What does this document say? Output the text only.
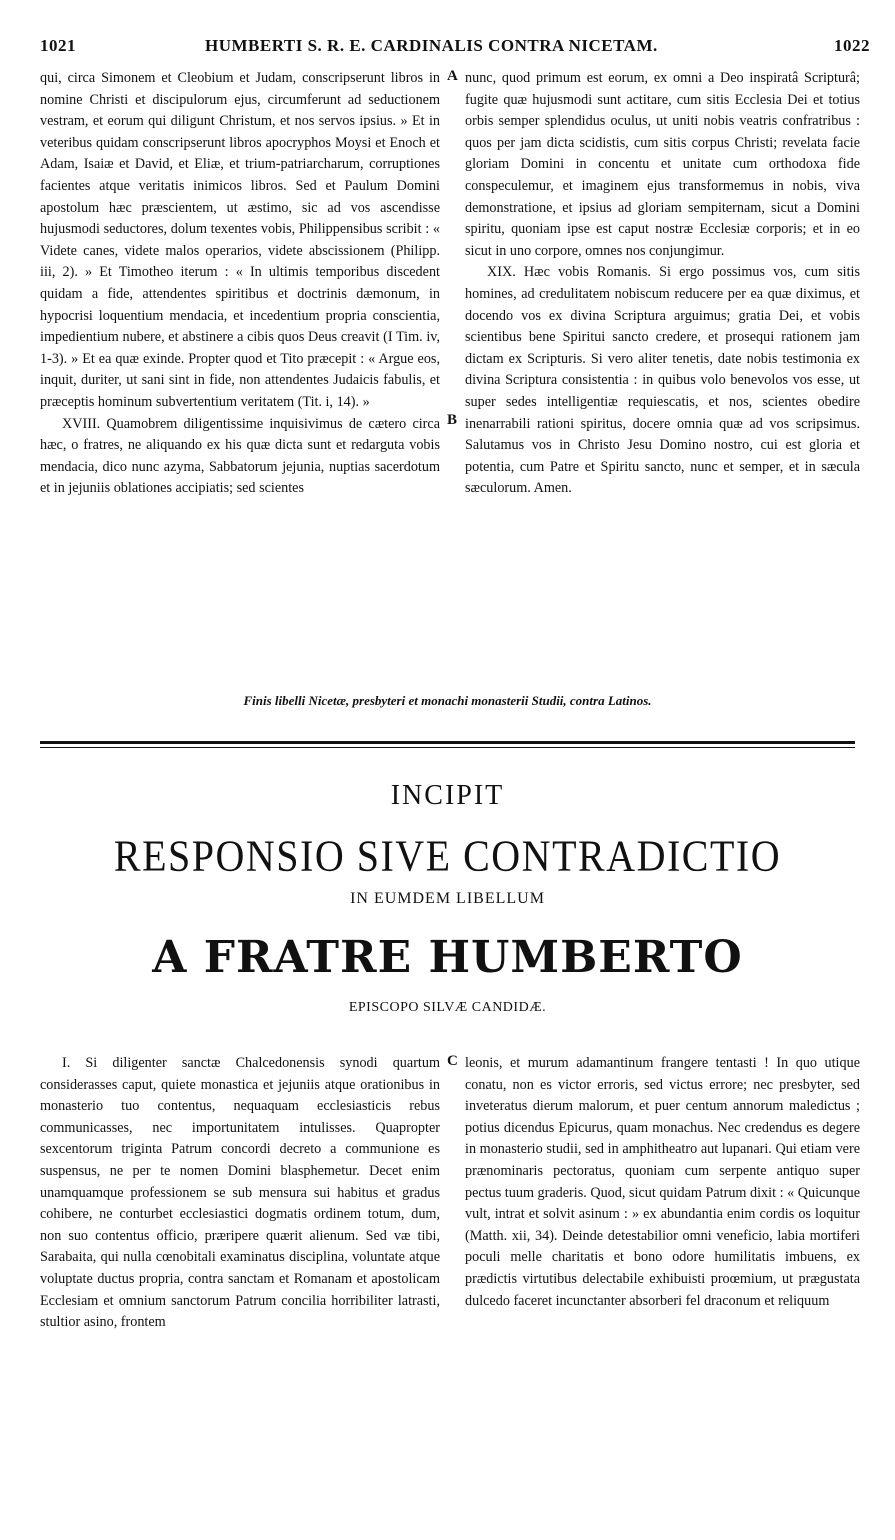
1021	HUMBERTI S. R. E. CARDINALIS CONTRA NICETAM.	1022

qui, circa Simonem et Cleobium et Judam, conscripserunt libros in nomine Christi et discipulorum ejus, circumferunt ad seductionem vestram, et eorum qui diligunt Christum, et nos servos ipsius. » Et in veteribus quidam conscripserunt libros apocryphos Moysi et Enoch et Adam, Isaiæ et David, et Eliæ, et trium-patriarcharum, corruptiones facientes atque veritatis inimicos libros. Sed et Paulum Domini apostolum hæc præscientem, ut æstimo, sic ad vos ascendisse hujusmodi seductores, dolum texentes vobis, Philippensibus scribit : « Videte canes, videte malos operarios, videte abscissionem (Philipp. iii, 2). » Et Timotheo iterum : « In ultimis temporibus discedent quidam a fide, attendentes spiritibus et doctrinis dæmonum, in hypocrisi loquentium mendacia, et incedentium propria conscientia, impedientium nubere, et abstinere a cibis quos Deus creavit (I Tim. iv, 1-3). » Et ea quæ exinde. Propter quod et Tito præcepit : « Argue eos, inquit, duriter, ut sani sint in fide, non attendentes Judaicis fabulis, et præceptis hominum subvertentium veritatem (Tit. i, 14). »

XVIII. Quamobrem diligentissime inquisivimus de cætero circa hæc, o fratres, ne aliquando ex his quæ dicta sunt et redarguta vobis mendacia, dico nunc azyma, Sabbatorum jejunia, nuptias sacerdotum et in jejuniis oblationes accipiatis; sed scientes

A
B

nunc, quod primum est eorum, ex omni a Deo inspiratâ Scripturâ; fugite quæ hujusmodi sunt actitare, cum sitis Ecclesia Dei et totius orbis semper splendidus oculus, ut uniti nobis veatris confratribus : quos per jam dicta scidistis, cum sitis corpus Christi; revelata facie gloriam Domini in concentu et unitate cum orthodoxa fide conspeculemur, et imaginem ejus transformemus in nobis, viva demonstratione, et ipsius ad gloriam sempiternam, sicut a Domini spiritu, quoniam ipse est caput nostræ Ecclesiæ corporis; et in eo sicut in uno corpore, omnes nos conjungimur.

XIX. Hæc vobis Romanis. Si ergo possimus vos, cum sitis homines, ad credulitatem nobiscum reducere per ea quæ diximus, et docendo vos ex divina Scriptura arguimus; gratia Dei, et vobis scientibus bene Spiritui sancto credere, et prosequi rationem jam dictam ex Scripturis. Si vero aliter tenetis, date nobis testimonia ex divina Scriptura consistentia : in quibus volo benevolos vos esse, ut super sedes intelligentiæ requiescatis, et nos, scientes obedire inenarrabili rationi spiritus, docere omnia quæ ad vos scripsimus. Salutamus vos in Christo Jesu Domino nostro, cui est gloria et potentia, cum Patre et Spiritu sancto, nunc et semper, et in sæcula sæculorum. Amen.

Finis libelli Nicetæ, presbyteri et monachi monasterii Studii, contra Latinos.
INCIPIT
RESPONSIO SIVE CONTRADICTIO
IN EUMDEM LIBELLUM
A FRATRE HUMBERTO
EPISCOPO SILVÆ CANDIDÆ.
C

I. Si diligenter sanctæ Chalcedonensis synodi quartum considerasses caput, quiete monastica et jejuniis atque orationibus in monasterio tuo contentus, nequaquam ecclesiasticis rebus communicasses, nec importunitatem intulisses. Quapropter sexcentorum triginta Patrum concordi decreto a communione es suspensus, ne per te nomen Domini blasphemetur. Decet enim unamquamque professionem se sub mensura sui habitus et gradus cohibere, ne conturbet ecclesiastici dogmatis ordinem totum, dum, non suo contentus officio, præripere quærit alienum. Sed væ tibi, Sarabaita, qui nulla cœnobitali examinatus disciplina, voluntate atque voluptate ductus propria, contra sanctam et Romanam et apostolicam Ecclesiam et omnium sanctorum Patrum concilia horribiliter latrasti, stultior asino, frontem

leonis, et murum adamantinum frangere tentasti ! In quo utique conatu, non es victor erroris, sed victus errore; nec presbyter, sed inveteratus dierum malorum, et puer centum annorum maledictus ; potius dicendus Epicurus, quam monachus. Nec credendus es degere in monasterio studii, sed in amphitheatro aut lupanari. Qui etiam vere prænominaris pectoratus, quoniam cum serpente antiquo super pectus tuum graderis. Quod, sicut quidam Patrum dixit : « Quicunque vult, intrat et solvit asinum : » ex abundantia enim cordis os loquitur (Matth. xii, 34). Deinde detestabilior omni veneficio, labia mortiferi poculi melle charitatis et bono odore humilitatis imbuens, ex prædictis virtutibus delectabile exhibuisti proœmium, ut prægustata dulcedo faceret incunctanter absorberi fel draconum et reliquum
